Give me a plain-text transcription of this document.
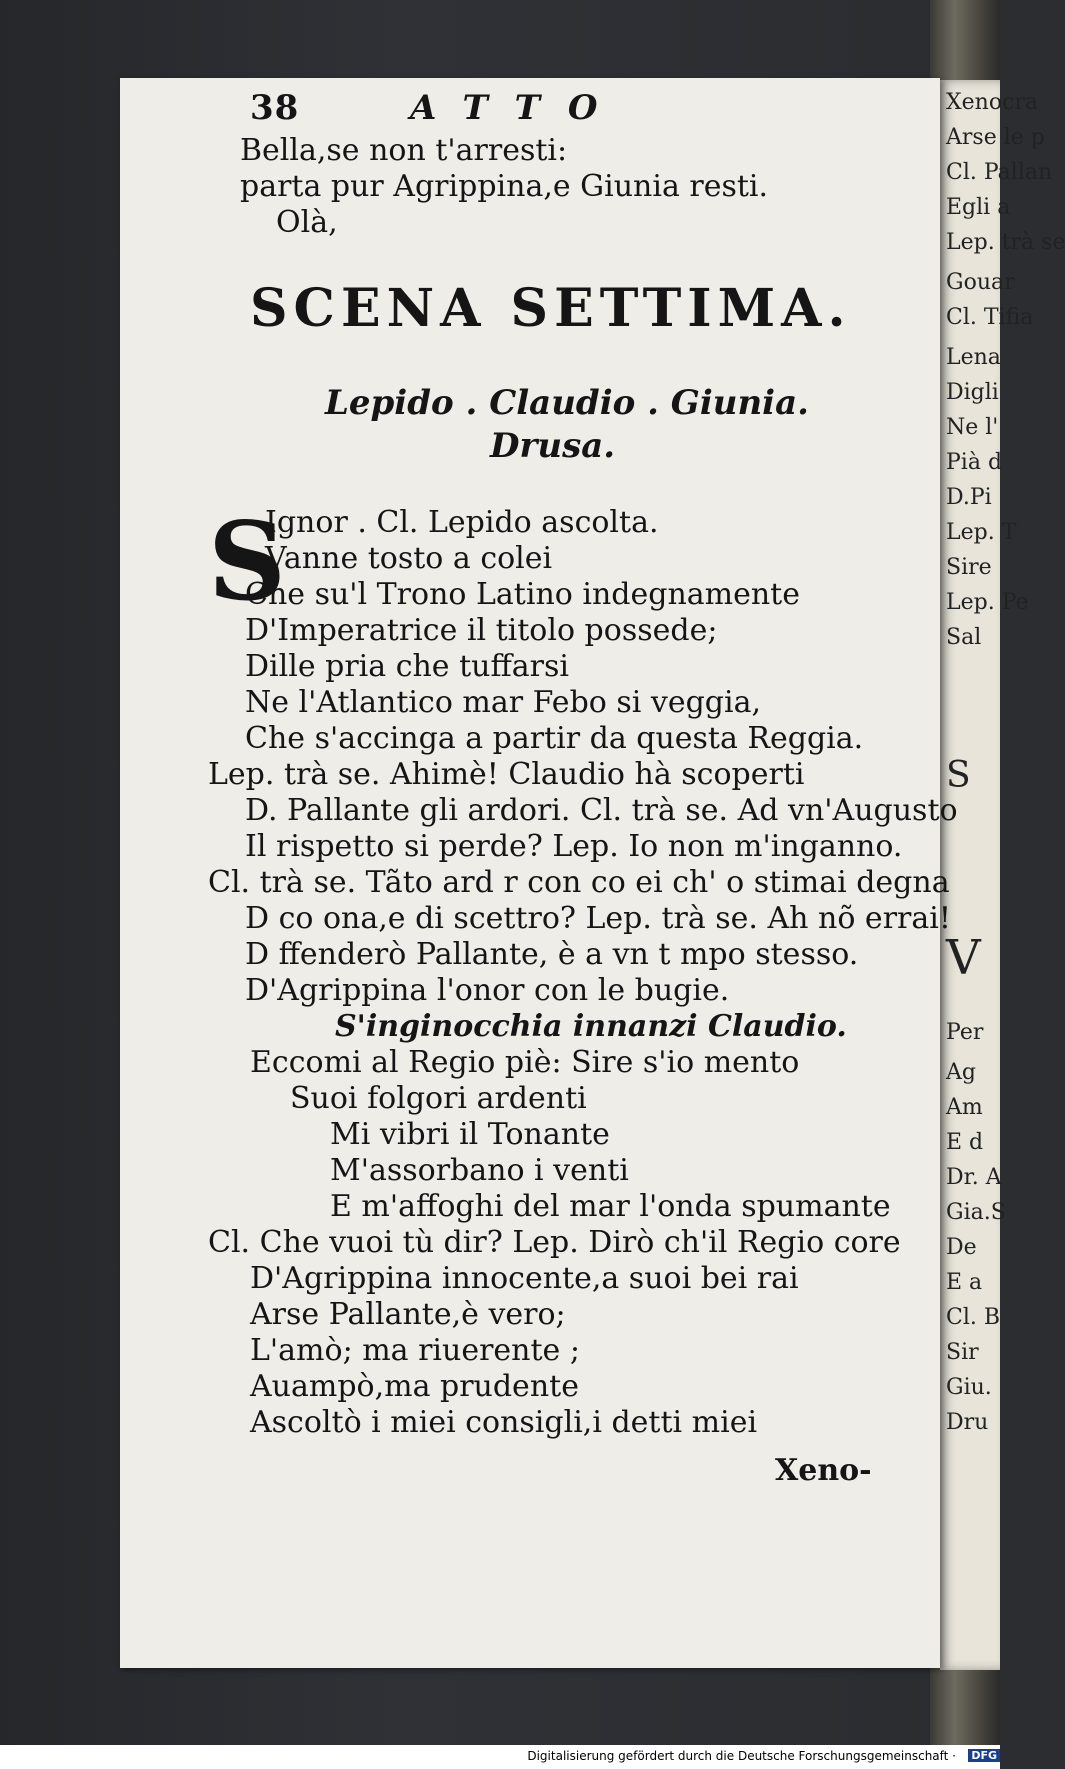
Xenocra
Arse le p
Cl. Pallan
Egli a
Lep. trà se
Gouar
Cl. Tifia
Lena
Digli
Ne l'
Pià d
D.Pi
Lep. T
Sire
Lep. Pe
Sal
S
V
Per
Ag
Am
E d
Dr. A
Gia.S
De
E a
Cl. B
Sir
Giu.
Dru
38	ATTO
Bella,se non t'arresti:
parta pur Agrippina,e Giunia resti.
Olà,
SCENA SETTIMA.
Lepido . Claudio . Giunia.
Drusa.
S
Ignor . Cl. Lepido ascolta.
Vanne tosto a colei
Che su'l Trono Latino indegnamente
D'Imperatrice il titolo possede;
Dille pria che tuffarsi
Ne l'Atlantico mar Febo si veggia,
Che s'accinga a partir da questa Reggia.
Lep. trà se. Ahimè! Claudio hà scoperti
D. Pallante gli ardori. Cl. trà se. Ad vn'Augusto
Il rispetto si perde? Lep. Io non m'inganno.
Cl. trà se. Tãto ard r con co ei ch' o stimai degna
D co ona,e di scettro? Lep. trà se. Ah nõ errai!
D ffenderò Pallante, è a vn t mpo stesso.
D'Agrippina l'onor con le bugie.
S'inginocchia innanzi Claudio.
Eccomi al Regio piè: Sire s'io mento
Suoi folgori ardenti
Mi vibri il Tonante
M'assorbano i venti
E m'affoghi del mar l'onda spumante
Cl. Che vuoi tù dir? Lep. Dirò ch'il Regio core
D'Agrippina innocente,a suoi bei rai
Arse Pallante,è vero;
L'amò; ma riuerente ;
Auampò,ma prudente
Ascoltò i miei consigli,i detti miei
Xeno-
Digitalisierung gefördert durch die Deutsche Forschungsgemeinschaft · DFG
